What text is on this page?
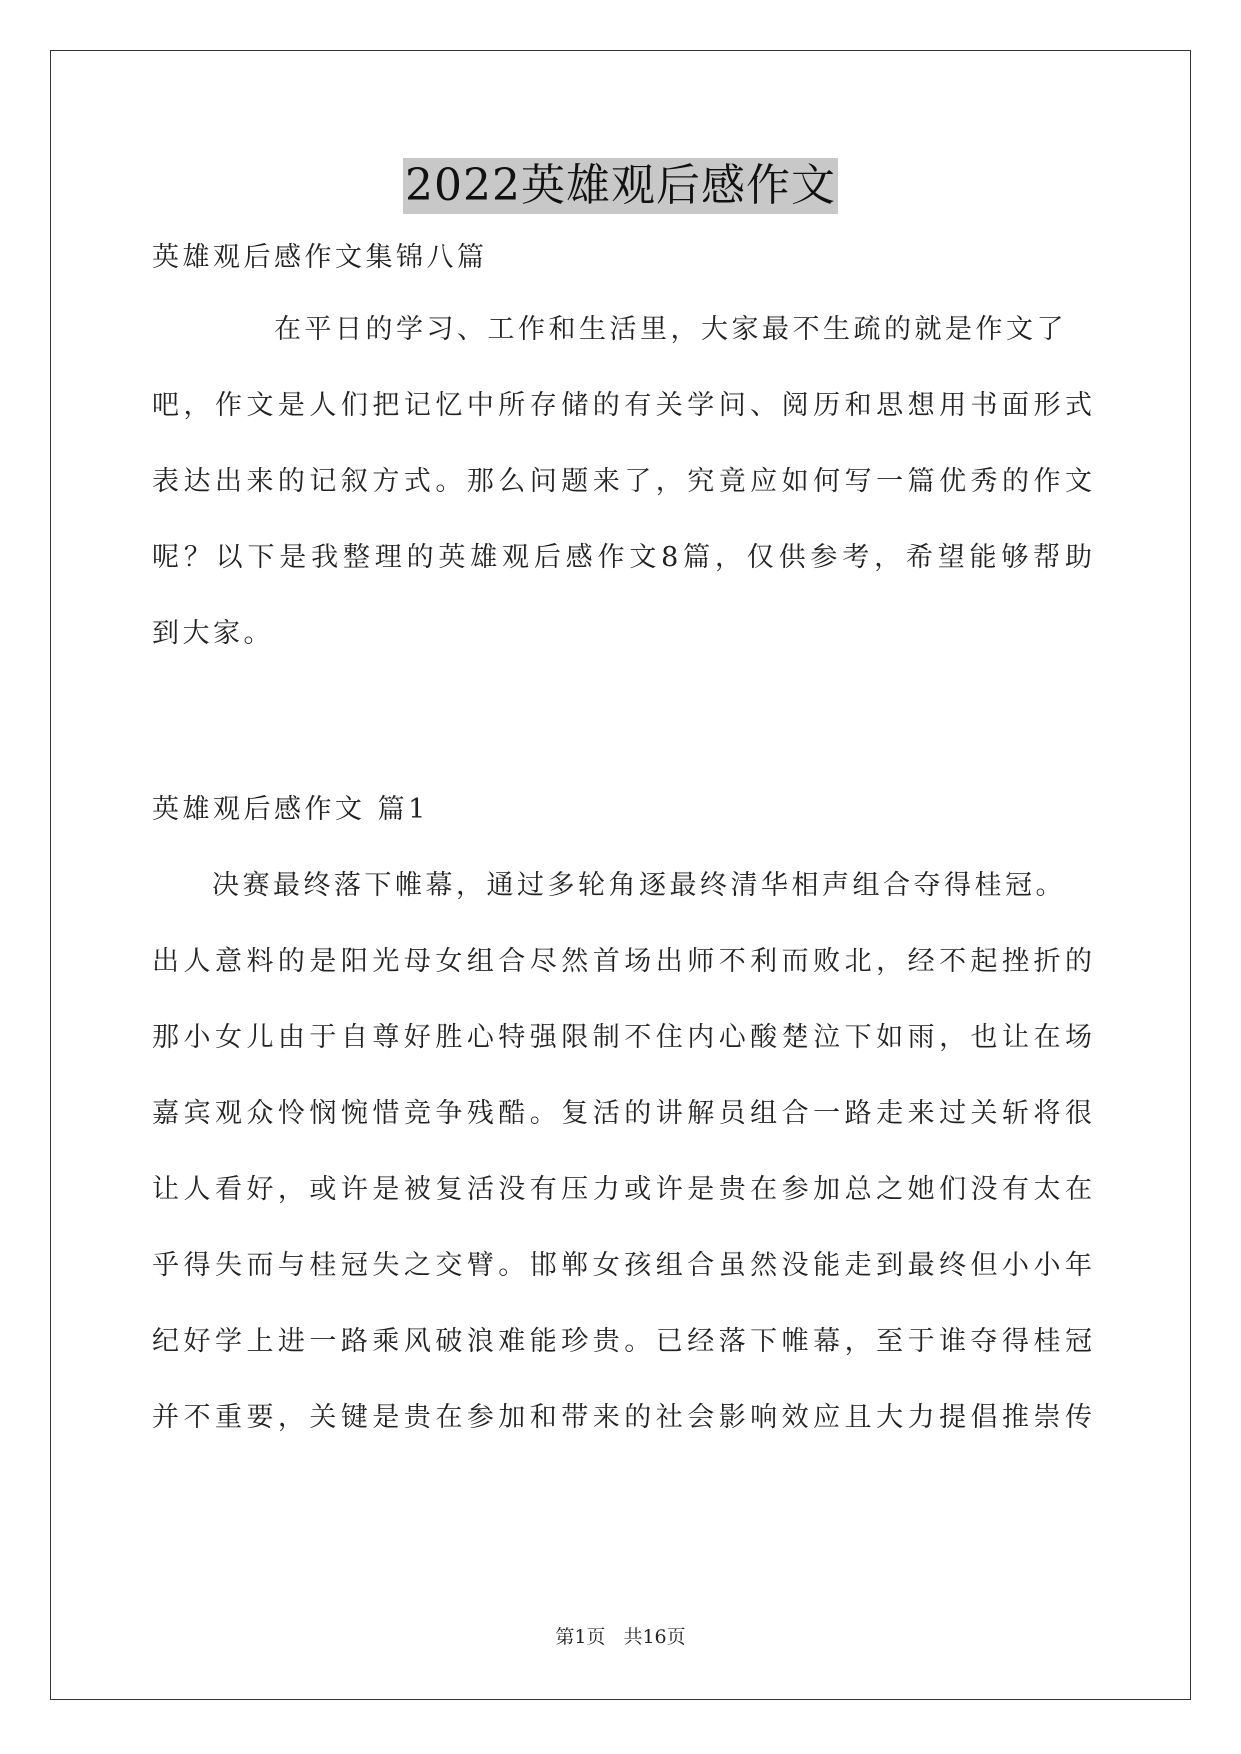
2022英雄观后感作文
英雄观后感作文集锦八篇
在平日的学习、工作和生活里，大家最不生疏的就是作文了
吧，作文是人们把记忆中所存储的有关学问、阅历和思想用书面形式
表达出来的记叙方式。那么问题来了，究竟应如何写一篇优秀的作文
呢？以下是我整理的英雄观后感作文8篇，仅供参考，希望能够帮助
到大家。
英雄观后感作文 篇1
决赛最终落下帷幕，通过多轮角逐最终清华相声组合夺得桂冠。
出人意料的是阳光母女组合尽然首场出师不利而败北，经不起挫折的
那小女儿由于自尊好胜心特强限制不住内心酸楚泣下如雨，也让在场
嘉宾观众怜悯惋惜竞争残酷。复活的讲解员组合一路走来过关斩将很
让人看好，或许是被复活没有压力或许是贵在参加总之她们没有太在
乎得失而与桂冠失之交臂。邯郸女孩组合虽然没能走到最终但小小年
纪好学上进一路乘风破浪难能珍贵。已经落下帷幕，至于谁夺得桂冠
并不重要，关键是贵在参加和带来的社会影响效应且大力提倡推崇传
第1页 共16页
